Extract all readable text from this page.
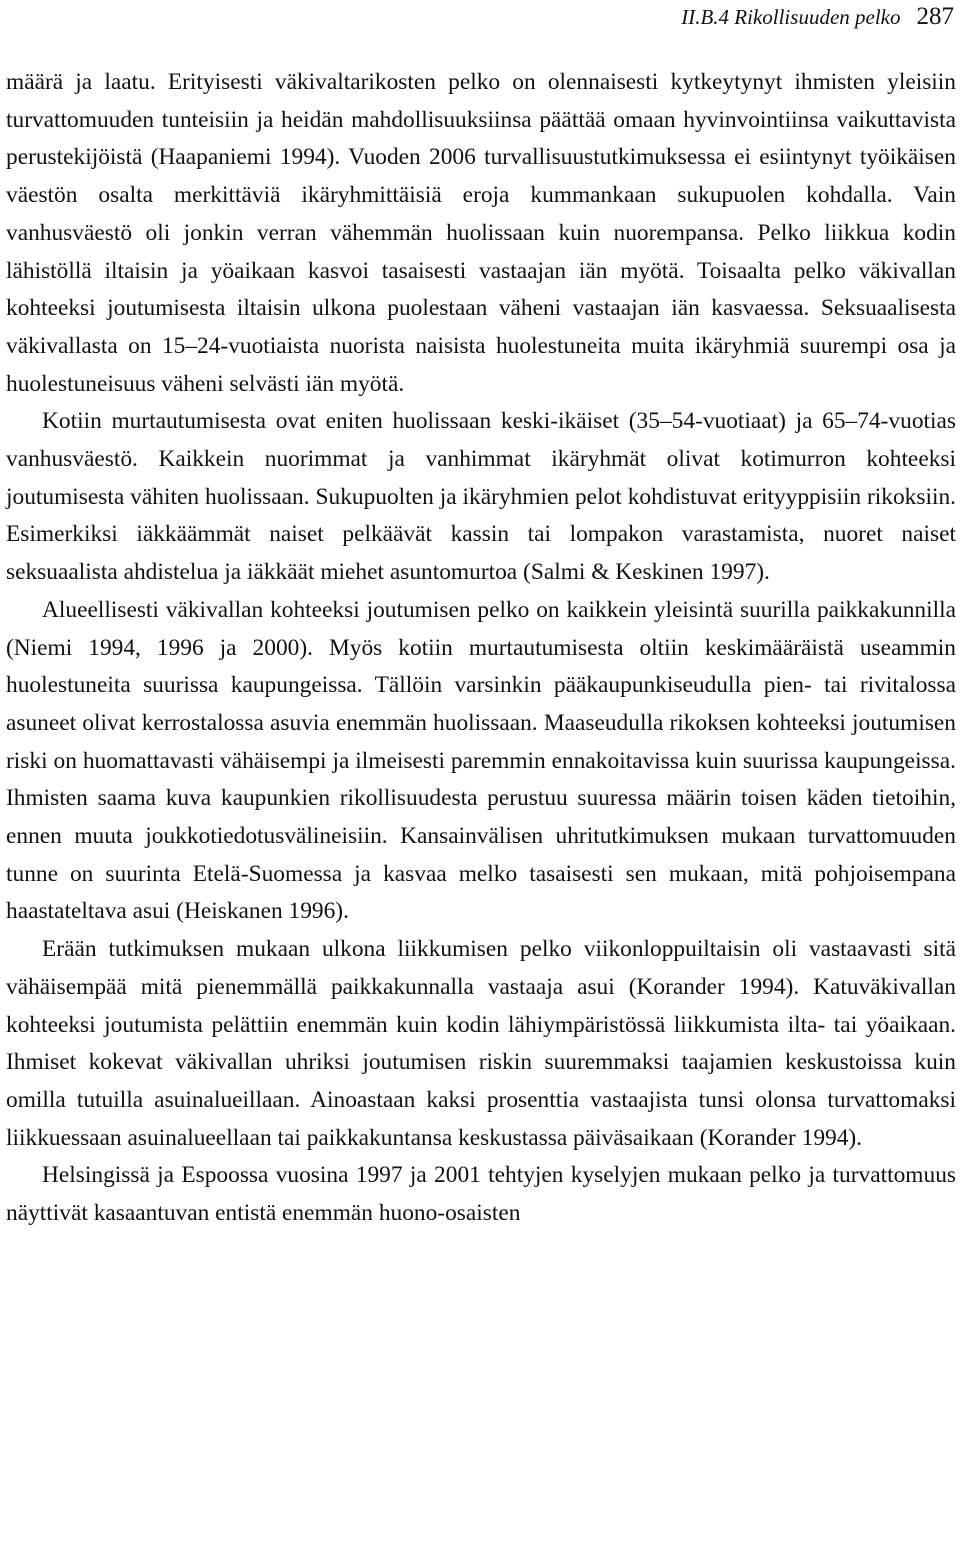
II.B.4 Rikollisuuden pelko 287

määrä ja laatu. Erityisesti väkivaltarikosten pelko on olennaisesti kytkeytynyt ihmisten yleisiin turvattomuuden tunteisiin ja heidän mahdollisuuksiinsa päättää omaan hyvinvointiinsa vaikuttavista perustekijöistä (Haapaniemi 1994). Vuoden 2006 turvallisuustutkimuksessa ei esiintynyt työikäisen väestön osalta merkittäviä ikäryhmittäisiä eroja kummankaan sukupuolen kohdalla. Vain vanhusväestö oli jonkin verran vähemmän huolissaan kuin nuorempansa. Pelko liikkua kodin lähistöllä iltaisin ja yöaikaan kasvoi tasaisesti vastaajan iän myötä. Toisaalta pelko väkivallan kohteeksi joutumisesta iltaisin ulkona puolestaan väheni vastaajan iän kasvaessa. Seksuaalisesta väkivallasta on 15–24-vuotiaista nuorista naisista huolestuneita muita ikäryhmiä suurempi osa ja huolestuneisuus väheni selvästi iän myötä.

Kotiin murtautumisesta ovat eniten huolissaan keski-ikäiset (35–54-vuotiaat) ja 65–74-vuotias vanhusväestö. Kaikkein nuorimmat ja vanhimmat ikäryhmät olivat kotimurron kohteeksi joutumisesta vähiten huolissaan. Sukupuolten ja ikäryhmien pelot kohdistuvat erityyppisiin rikoksiin. Esimerkiksi iäkkäämmät naiset pelkäävät kassin tai lompakon varastamista, nuoret naiset seksuaalista ahdistelua ja iäkkäät miehet asuntomurtoa (Salmi & Keskinen 1997).

Alueellisesti väkivallan kohteeksi joutumisen pelko on kaikkein yleisintä suurilla paikkakunnilla (Niemi 1994, 1996 ja 2000). Myös kotiin murtautumisesta oltiin keskimääräistä useammin huolestuneita suurissa kaupungeissa. Tällöin varsinkin pääkaupunkiseudulla pien- tai rivitalossa asuneet olivat kerrostalossa asuvia enemmän huolissaan. Maaseudulla rikoksen kohteeksi joutumisen riski on huomattavasti vähäisempi ja ilmeisesti paremmin ennakoitavissa kuin suurissa kaupungeissa. Ihmisten saama kuva kaupunkien rikollisuudesta perustuu suuressa määrin toisen käden tietoihin, ennen muuta joukkotiedotusvälineisiin. Kansainvälisen uhritutkimuksen mukaan turvattomuuden tunne on suurinta Etelä-Suomessa ja kasvaa melko tasaisesti sen mukaan, mitä pohjoisempana haastateltava asui (Heiskanen 1996).

Erään tutkimuksen mukaan ulkona liikkumisen pelko viikonloppuiltaisin oli vastaavasti sitä vähäisempää mitä pienemmällä paikkakunnalla vastaaja asui (Korander 1994). Katuväkivallan kohteeksi joutumista pelättiin enemmän kuin kodin lähiympäristössä liikkumista ilta- tai yöaikaan. Ihmiset kokevat väkivallan uhriksi joutumisen riskin suuremmaksi taajamien keskustoissa kuin omilla tutuilla asuinalueillaan. Ainoastaan kaksi prosenttia vastaajista tunsi olonsa turvattomaksi liikkuessaan asuinalueellaan tai paikkakuntansa keskustassa päiväsaikaan (Korander 1994).

Helsingissä ja Espoossa vuosina 1997 ja 2001 tehtyjen kyselyjen mukaan pelko ja turvattomuus näyttivät kasaantuvan entistä enemmän huono-osaisten
